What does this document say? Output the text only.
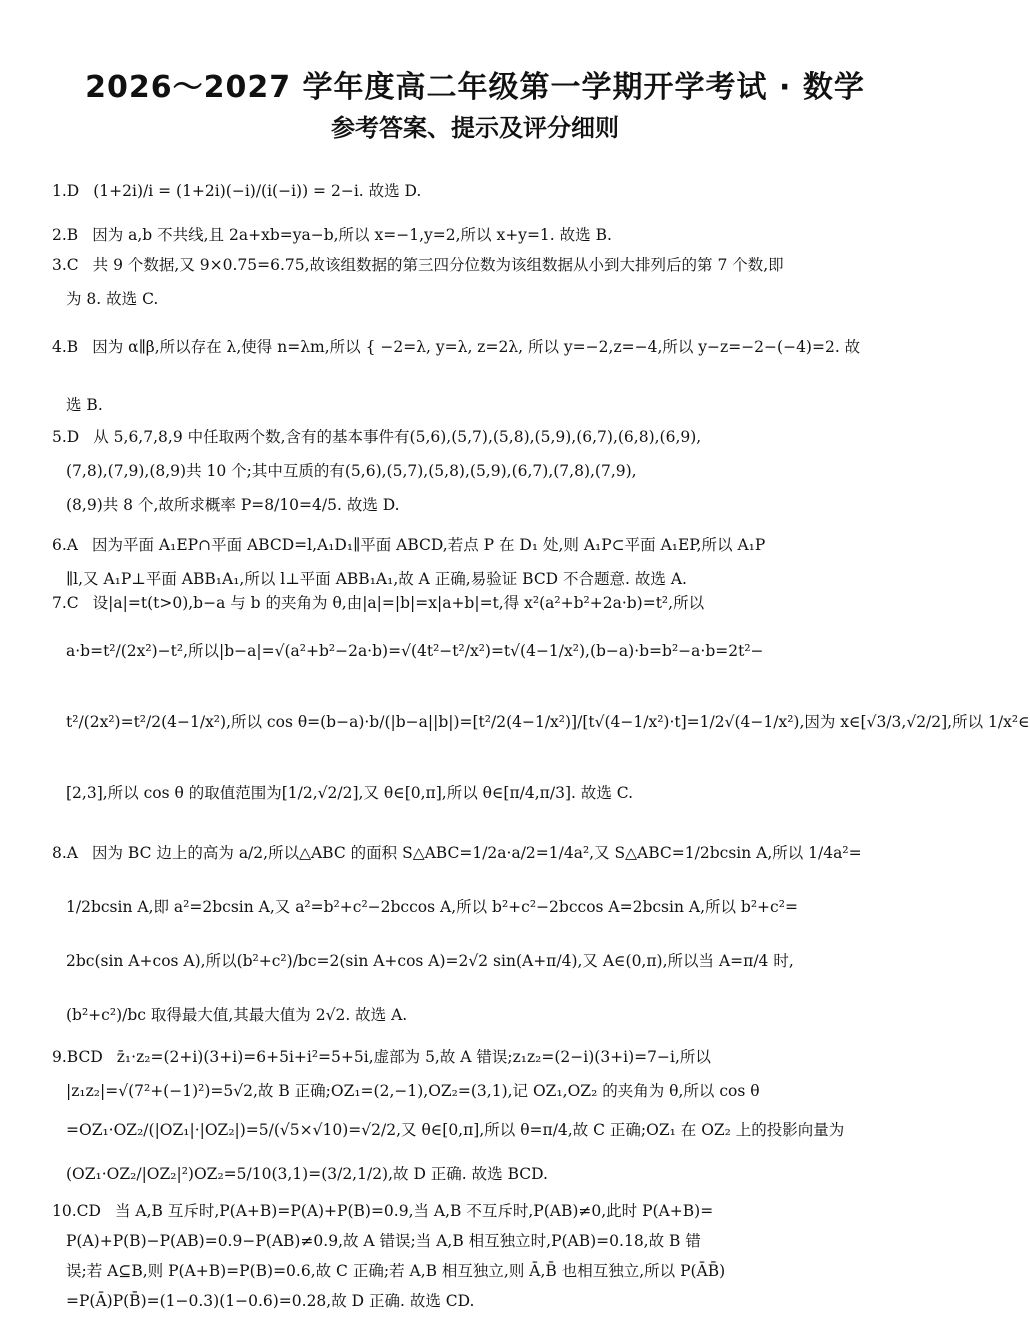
2026～2027 学年度高二年级第一学期开学考试 · 数学
参考答案、提示及评分细则
1.D (1+2i)/i = (1+2i)(−i)/(i(−i)) = 2−i. 故选 D.
2.B 因为 a,b 不共线,且 2a+xb=ya−b,所以 x=−1,y=2,所以 x+y=1. 故选 B.
3.C 共 9 个数据,又 9×0.75=6.75,故该组数据的第三四分位数为该组数据从小到大排列后的第 7 个数,即
为 8. 故选 C.
4.B 因为 α∥β,所以存在 λ,使得 n=λm,所以 { −2=λ, y=λ, z=2λ, 所以 y=−2,z=−4,所以 y−z=−2−(−4)=2. 故
选 B.
5.D 从 5,6,7,8,9 中任取两个数,含有的基本事件有(5,6),(5,7),(5,8),(5,9),(6,7),(6,8),(6,9),
(7,8),(7,9),(8,9)共 10 个;其中互质的有(5,6),(5,7),(5,8),(5,9),(6,7),(7,8),(7,9),
(8,9)共 8 个,故所求概率 P=8/10=4/5. 故选 D.
6.A 因为平面 A₁EP∩平面 ABCD=l,A₁D₁∥平面 ABCD,若点 P 在 D₁ 处,则 A₁P⊂平面 A₁EP,所以 A₁P
∥l,又 A₁P⊥平面 ABB₁A₁,所以 l⊥平面 ABB₁A₁,故 A 正确,易验证 BCD 不合题意. 故选 A.
7.C 设|a|=t(t>0),b−a 与 b 的夹角为 θ,由|a|=|b|=x|a+b|=t,得 x²(a²+b²+2a·b)=t²,所以
a·b=t²/(2x²)−t²,所以|b−a|=√(a²+b²−2a·b)=√(4t²−t²/x²)=t√(4−1/x²),(b−a)·b=b²−a·b=2t²−
t²/(2x²)=t²/2(4−1/x²),所以 cos θ=(b−a)·b/(|b−a||b|)=[t²/2(4−1/x²)]/[t√(4−1/x²)·t]=1/2√(4−1/x²),因为 x∈[√3/3,√2/2],所以 1/x²∈
[2,3],所以 cos θ 的取值范围为[1/2,√2/2],又 θ∈[0,π],所以 θ∈[π/4,π/3]. 故选 C.
8.A 因为 BC 边上的高为 a/2,所以△ABC 的面积 S△ABC=1/2a·a/2=1/4a²,又 S△ABC=1/2bcsin A,所以 1/4a²=
1/2bcsin A,即 a²=2bcsin A,又 a²=b²+c²−2bccos A,所以 b²+c²−2bccos A=2bcsin A,所以 b²+c²=
2bc(sin A+cos A),所以(b²+c²)/bc=2(sin A+cos A)=2√2 sin(A+π/4),又 A∈(0,π),所以当 A=π/4 时,
(b²+c²)/bc 取得最大值,其最大值为 2√2. 故选 A.
9.BCD z̄₁·z₂=(2+i)(3+i)=6+5i+i²=5+5i,虚部为 5,故 A 错误;z₁z₂=(2−i)(3+i)=7−i,所以
|z₁z₂|=√(7²+(−1)²)=5√2,故 B 正确;OZ₁=(2,−1),OZ₂=(3,1),记 OZ₁,OZ₂ 的夹角为 θ,所以 cos θ
=OZ₁·OZ₂/(|OZ₁|·|OZ₂|)=5/(√5×√10)=√2/2,又 θ∈[0,π],所以 θ=π/4,故 C 正确;OZ₁ 在 OZ₂ 上的投影向量为
(OZ₁·OZ₂/|OZ₂|²)OZ₂=5/10(3,1)=(3/2,1/2),故 D 正确. 故选 BCD.
10.CD 当 A,B 互斥时,P(A+B)=P(A)+P(B)=0.9,当 A,B 不互斥时,P(AB)≠0,此时 P(A+B)=
P(A)+P(B)−P(AB)=0.9−P(AB)≠0.9,故 A 错误;当 A,B 相互独立时,P(AB)=0.18,故 B 错
误;若 A⊆B,则 P(A+B)=P(B)=0.6,故 C 正确;若 A,B 相互独立,则 Ā,B̄ 也相互独立,所以 P(ĀB̄)
=P(Ā)P(B̄)=(1−0.3)(1−0.6)=0.28,故 D 正确. 故选 CD.
